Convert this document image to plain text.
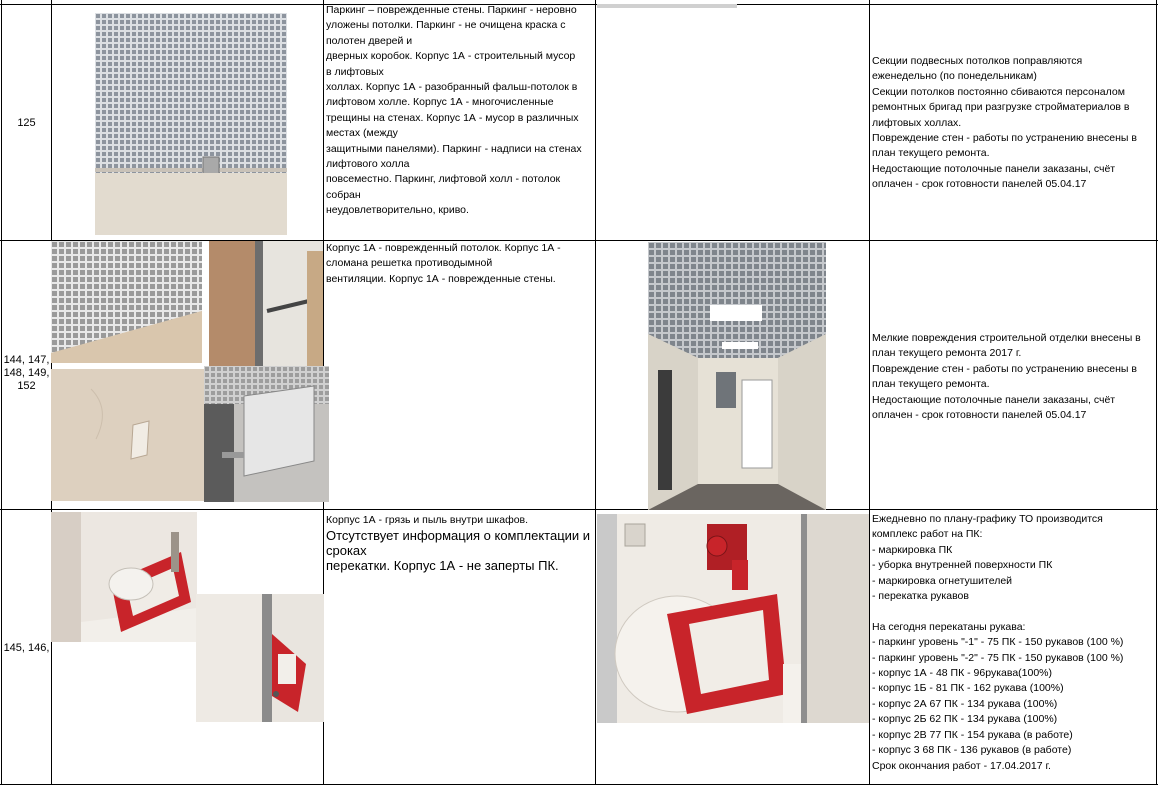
125
Паркинг – поврежденные стены. Паркинг - неровно
уложены потолки. Паркинг - не очищена краска с
полотен дверей и
дверных коробок. Корпус 1А - строительный мусор
в лифтовых
холлах. Корпус 1А - разобранный фальш-потолок в
лифтовом холле. Корпус 1А - многочисленные
трещины на стенах. Корпус 1А - мусор в различных
местах (между
защитными панелями). Паркинг - надписи на стенах
лифтового холла
повсеместно. Паркинг, лифтовой холл - потолок
собран
неудовлетворительно, криво.
Секции подвесных потолков поправляются
еженедельно (по понедельникам)
Секции потолков постоянно сбиваются персоналом
ремонтных бригад при разгрузке стройматериалов в
лифтовых холлах.
Повреждение стен - работы по устранению внесены в
план текущего ремонта.
Недостающие потолочные панели заказаны, счёт
оплачен - срок готовности панелей 05.04.17
144, 147,
148, 149,
152
Корпус 1А - поврежденный потолок. Корпус 1А -
сломана решетка противодымной
вентиляции. Корпус 1А - поврежденные стены.
Мелкие повреждения строительной отделки внесены в
план текущего ремонта 2017 г.
Повреждение стен - работы по устранению внесены в
план текущего ремонта.
Недостающие потолочные панели заказаны, счёт
оплачен - срок готовности панелей 05.04.17
145, 146,
Корпус 1А - грязь и пыль внутри шкафов.
Отсутствует информация о комплектации и
сроках
перекатки. Корпус 1А - не заперты ПК.
Ежедневно по плану-графику ТО производится
комплекс работ на ПК:
- маркировка ПК
- уборка внутренней поверхности ПК
- маркировка огнетушителей
- перекатка рукавов

На сегодня перекатаны рукава:
- паркинг уровень "-1" - 75 ПК - 150 рукавов (100 %)
- паркинг уровень "-2" - 75 ПК - 150 рукавов (100 %)
- корпус 1А - 48 ПК - 96рукава(100%)
- корпус 1Б - 81 ПК - 162 рукава (100%)
- корпус 2А 67 ПК - 134 рукава (100%)
- корпус 2Б 62 ПК - 134 рукава (100%)
- корпус 2В 77 ПК - 154 рукава (в работе)
- корпус 3 68 ПК - 136 рукавов (в работе)
Срок окончания работ - 17.04.2017 г.
